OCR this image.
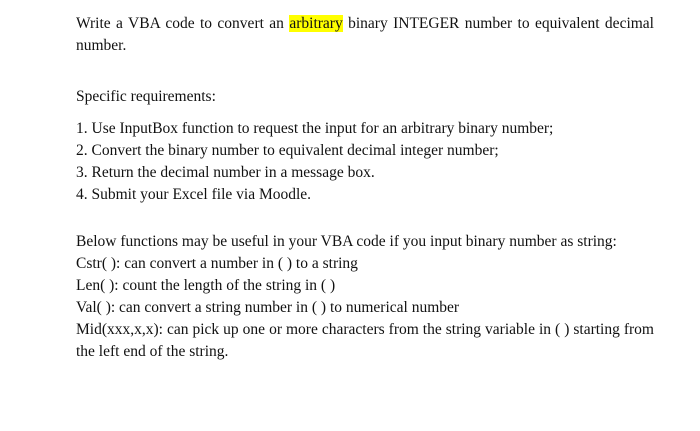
Write a VBA code to convert an arbitrary binary INTEGER number to equivalent decimal number.
Specific requirements:
1. Use InputBox function to request the input for an arbitrary binary number;
2. Convert the binary number to equivalent decimal integer number;
3. Return the decimal number in a message box.
4. Submit your Excel file via Moodle.
Below functions may be useful in your VBA code if you input binary number as string:
Cstr( ): can convert a number in ( ) to a string
Len( ): count the length of the string in ( )
Val( ): can convert a string number in ( ) to numerical number
Mid(xxx,x,x): can pick up one or more characters from the string variable in ( ) starting from the left end of the string.
